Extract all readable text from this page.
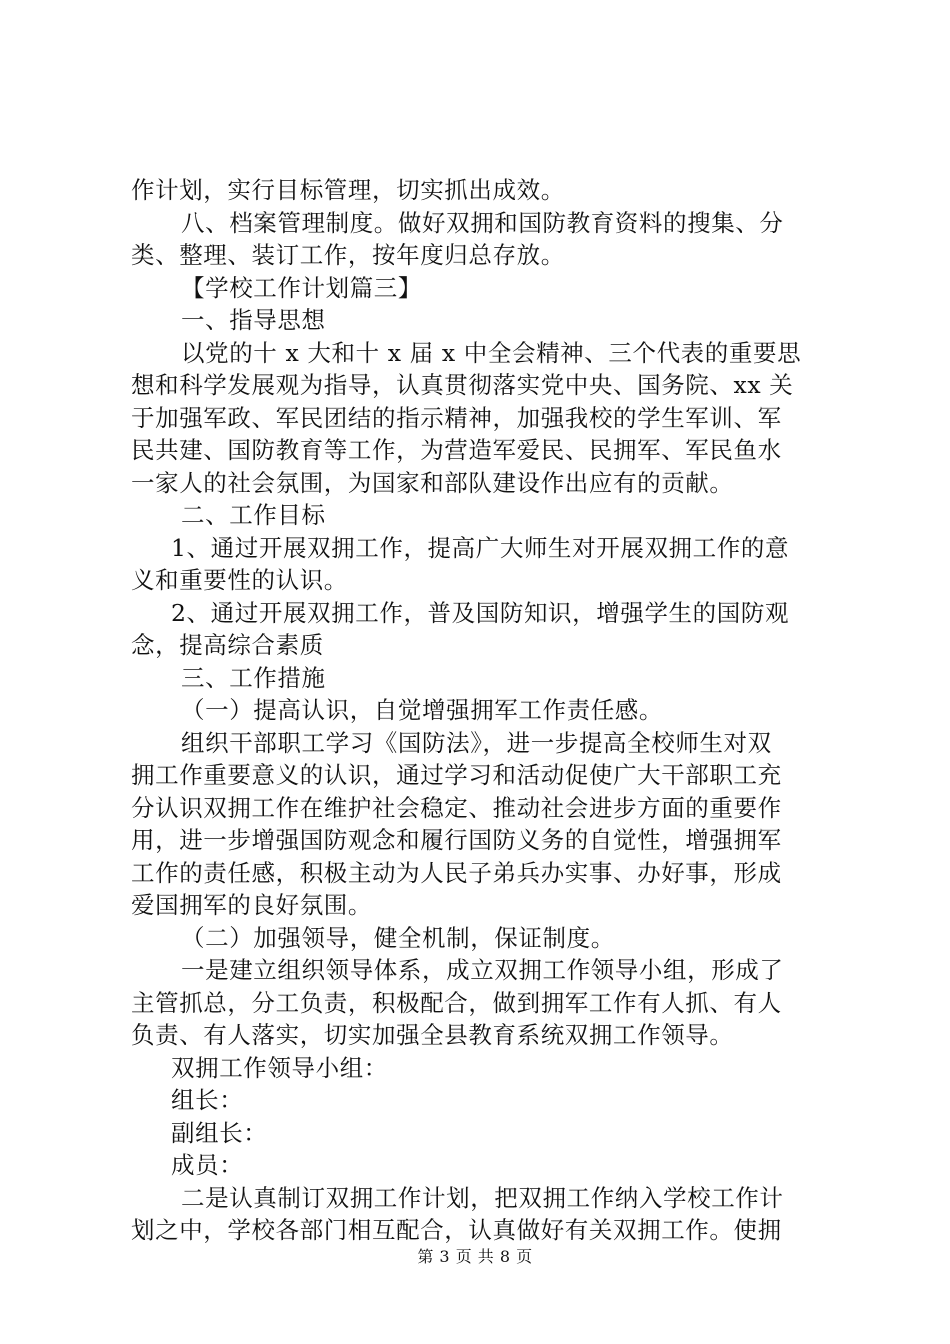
作计划，实行目标管理，切实抓出成效。
八、档案管理制度。做好双拥和国防教育资料的搜集、分
类、整理、装订工作，按年度归总存放。
【学校工作计划篇三】
一、指导思想
以党的十 x 大和十 x 届 x 中全会精神、三个代表的重要思
想和科学发展观为指导，认真贯彻落实党中央、国务院、xx 关
于加强军政、军民团结的指示精神，加强我校的学生军训、军
民共建、国防教育等工作，为营造军爱民、民拥军、军民鱼水
一家人的社会氛围，为国家和部队建设作出应有的贡献。
二、工作目标
1、通过开展双拥工作，提高广大师生对开展双拥工作的意
义和重要性的认识。
2、通过开展双拥工作，普及国防知识，增强学生的国防观
念，提高综合素质
三、工作措施
（一）提高认识，自觉增强拥军工作责任感。
组织干部职工学习《国防法》，进一步提高全校师生对双
拥工作重要意义的认识，通过学习和活动促使广大干部职工充
分认识双拥工作在维护社会稳定、推动社会进步方面的重要作
用，进一步增强国防观念和履行国防义务的自觉性，增强拥军
工作的责任感，积极主动为人民子弟兵办实事、办好事，形成
爱国拥军的良好氛围。
（二）加强领导，健全机制，保证制度。
一是建立组织领导体系，成立双拥工作领导小组，形成了
主管抓总，分工负责，积极配合，做到拥军工作有人抓、有人
负责、有人落实，切实加强全县教育系统双拥工作领导。
双拥工作领导小组：
组长：
副组长：
成员：
二是认真制订双拥工作计划，把双拥工作纳入学校工作计
划之中，学校各部门相互配合，认真做好有关双拥工作。使拥
第 3 页 共 8 页
